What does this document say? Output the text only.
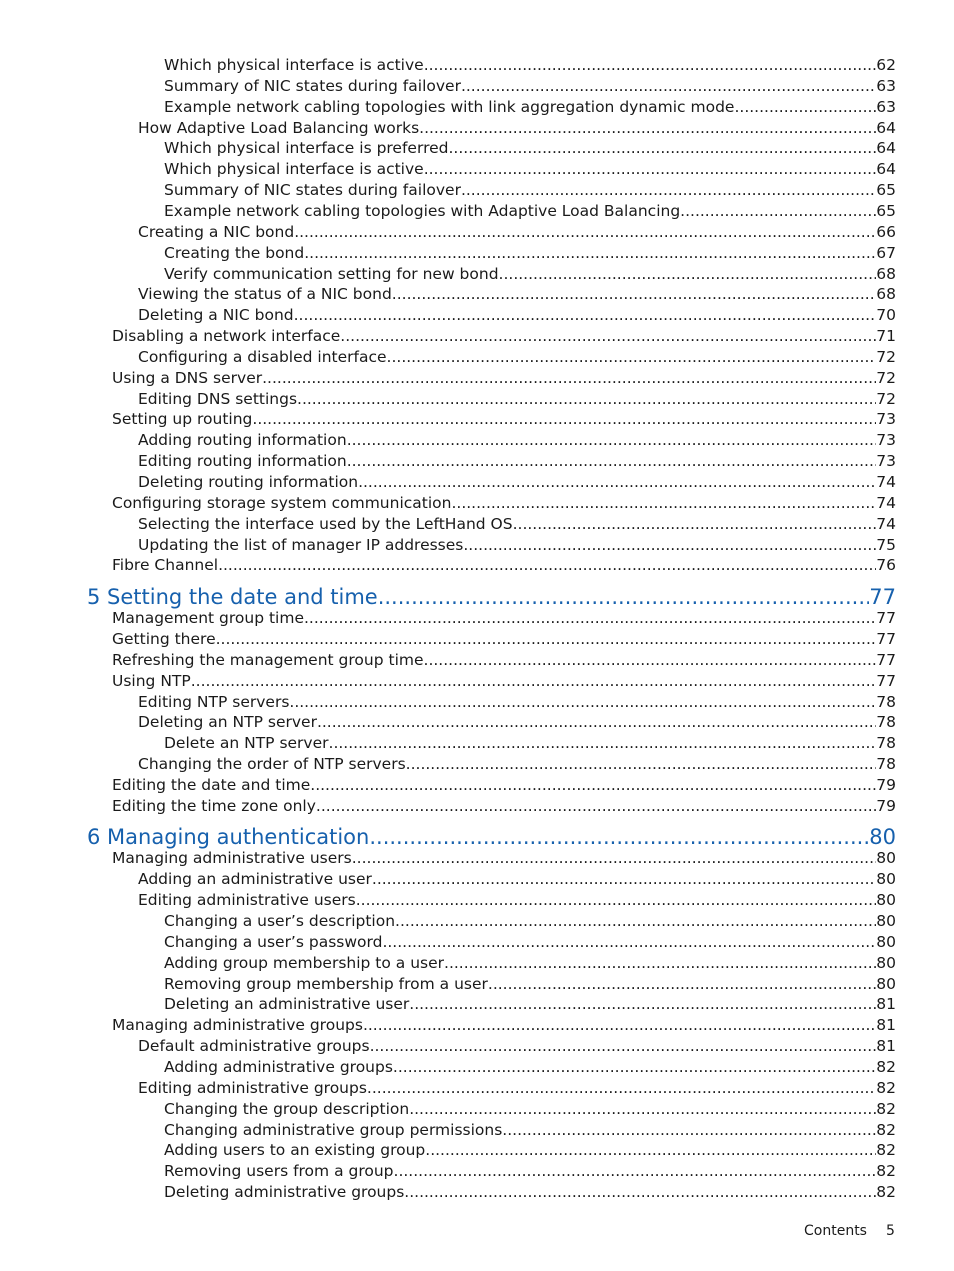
Which physical interface is active .....	62
Summary of NIC states during failover .....	63
Example network cabling topologies with link aggregation dynamic mode .....	63
How Adaptive Load Balancing works .....	64
Which physical interface is preferred .....	64
Which physical interface is active .....	64
Summary of NIC states during failover .....	65
Example network cabling topologies with Adaptive Load Balancing .....	65
Creating a NIC bond .....	66
Creating the bond .....	67
Verify communication setting for new bond .....	68
Viewing the status of a NIC bond .....	68
Deleting a NIC bond .....	70
Disabling a network interface .....	71
Configuring a disabled interface .....	72
Using a DNS server .....	72
Editing DNS settings .....	72
Setting up routing .....	73
Adding routing information .....	73
Editing routing information .....	73
Deleting routing information .....	74
Configuring storage system communication .....	74
Selecting the interface used by the LeftHand OS .....	74
Updating the list of manager IP addresses .....	75
Fibre Channel .....	76
5 Setting the date and time .....	77
Management group time .....	77
Getting there .....	77
Refreshing the management group time .....	77
Using NTP .....	77
Editing NTP servers .....	78
Deleting an NTP server .....	78
Delete an NTP server .....	78
Changing the order of NTP servers .....	78
Editing the date and time .....	79
Editing the time zone only .....	79
6 Managing authentication .....	80
Managing administrative users .....	80
Adding an administrative user .....	80
Editing administrative users .....	80
Changing a user’s description .....	80
Changing a user’s password .....	80
Adding group membership to a user .....	80
Removing group membership from a user .....	80
Deleting an administrative user .....	81
Managing administrative groups .....	81
Default administrative groups .....	81
Adding administrative groups .....	82
Editing administrative groups .....	82
Changing the group description .....	82
Changing administrative group permissions .....	82
Adding users to an existing group .....	82
Removing users from a group .....	82
Deleting administrative groups .....	82
Contents 5
